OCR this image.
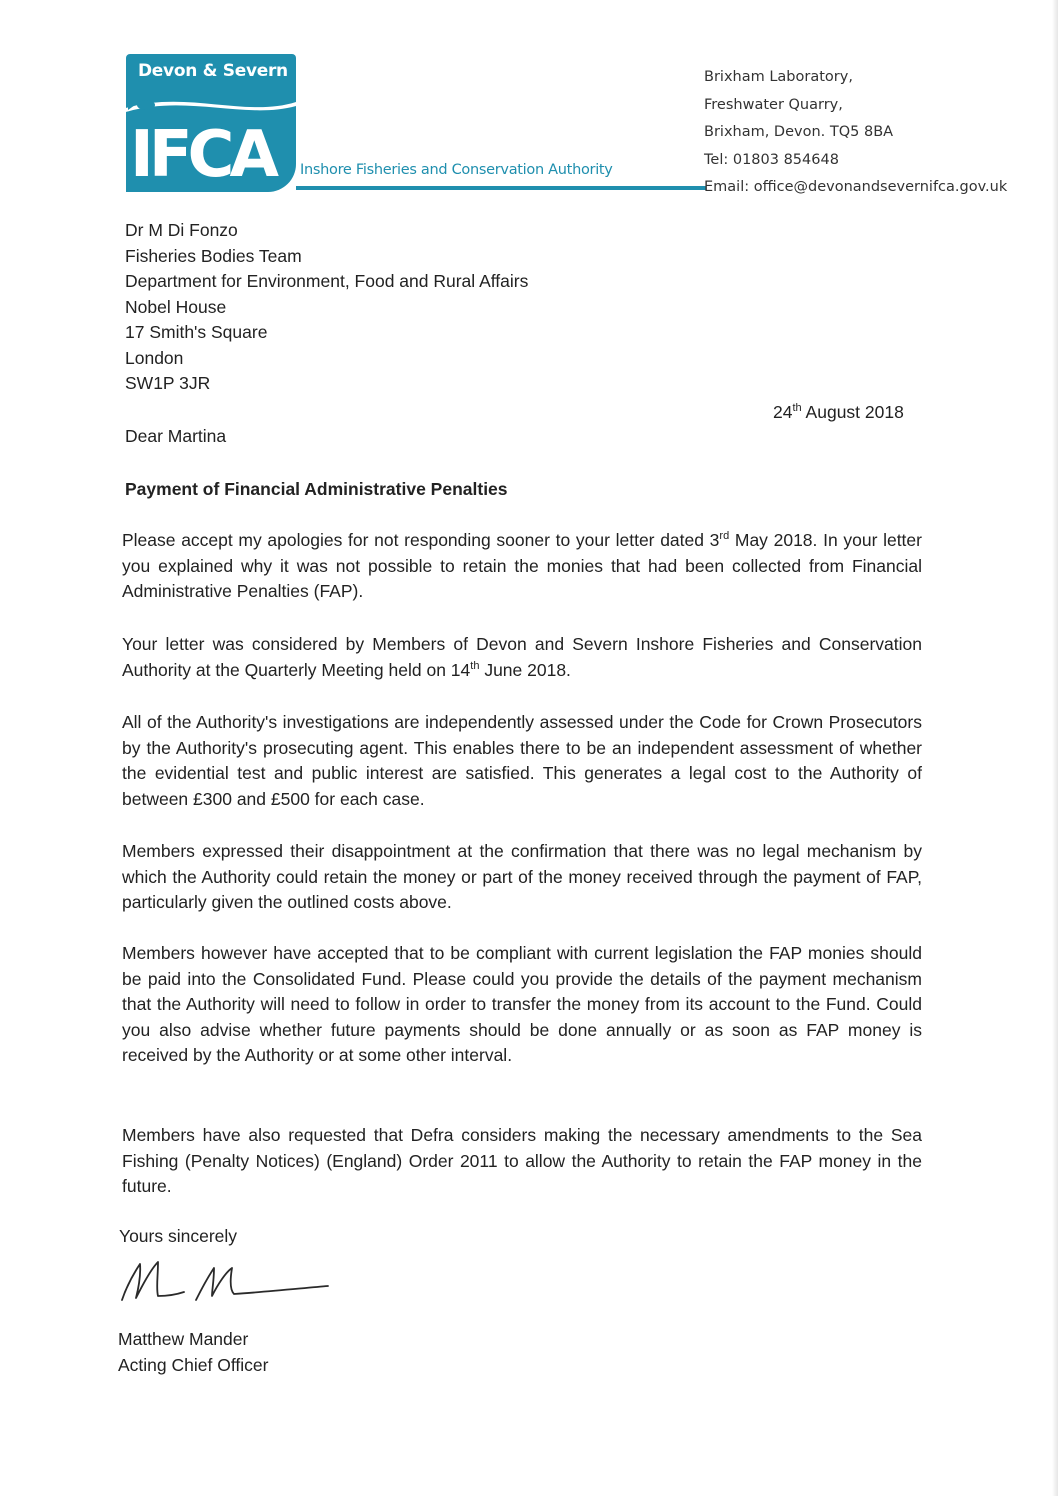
Devon & Severn
IFCA Inshore Fisheries and Conservation Authority
Brixham Laboratory,
Freshwater Quarry,
Brixham, Devon. TQ5 8BA
Tel: 01803 854648
Email: office@devonandsevernifca.gov.uk
Dr M Di Fonzo
Fisheries Bodies Team
Department for Environment, Food and Rural Affairs
Nobel House
17 Smith's Square
London
SW1P 3JR
24th August 2018
Dear Martina
Payment of Financial Administrative Penalties

Please accept my apologies for not responding sooner to your letter dated 3rd May 2018. In your letter you explained why it was not possible to retain the monies that had been collected from Financial Administrative Penalties (FAP).

Your letter was considered by Members of Devon and Severn Inshore Fisheries and Conservation Authority at the Quarterly Meeting held on 14th June 2018.

All of the Authority's investigations are independently assessed under the Code for Crown Prosecutors by the Authority's prosecuting agent. This enables there to be an independent assessment of whether the evidential test and public interest are satisfied. This generates a legal cost to the Authority of between £300 and £500 for each case.

Members expressed their disappointment at the confirmation that there was no legal mechanism by which the Authority could retain the money or part of the money received through the payment of FAP, particularly given the outlined costs above.

Members however have accepted that to be compliant with current legislation the FAP monies should be paid into the Consolidated Fund. Please could you provide the details of the payment mechanism that the Authority will need to follow in order to transfer the money from its account to the Fund. Could you also advise whether future payments should be done annually or as soon as FAP money is received by the Authority or at some other interval.

Members have also requested that Defra considers making the necessary amendments to the Sea Fishing (Penalty Notices) (England) Order 2011 to allow the Authority to retain the FAP money in the future.

Yours sincerely
Matthew Mander
Acting Chief Officer
